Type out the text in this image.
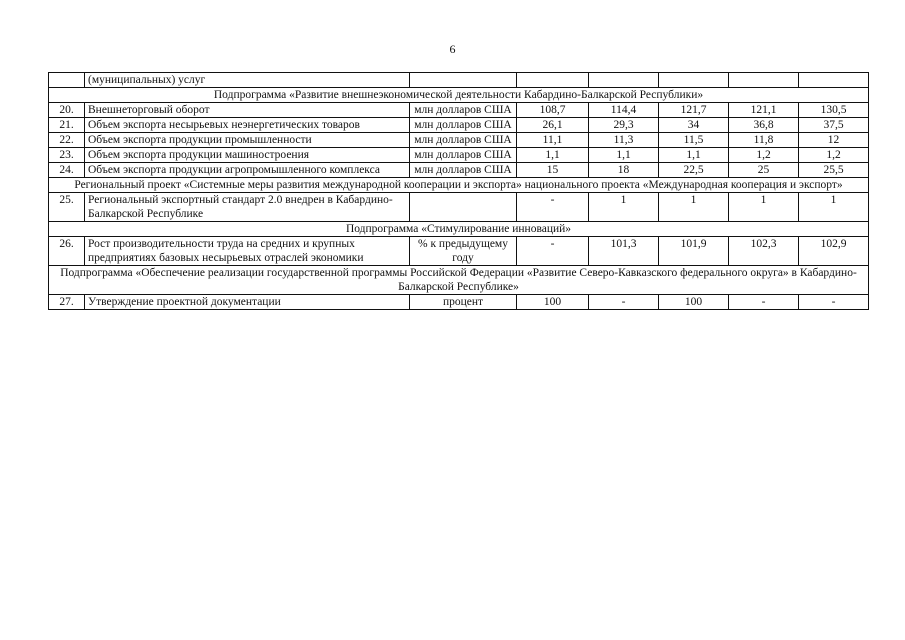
6
	(муниципальных) услуг						
Подпрограмма «Развитие внешнеэкономической деятельности Кабардино-Балкарской Республики»							
20.	Внешнеторговый оборот	млн долларов США	108,7	114,4	121,7	121,1	130,5
21.	Объем экспорта несырьевых неэнергетических товаров	млн долларов США	26,1	29,3	34	36,8	37,5
22.	Объем экспорта продукции промышленности	млн долларов США	11,1	11,3	11,5	11,8	12
23.	Объем экспорта продукции машиностроения	млн долларов США	1,1	1,1	1,1	1,2	1,2
24.	Объем экспорта продукции агропромышленного комплекса	млн долларов США	15	18	22,5	25	25,5
Региональный проект «Системные меры развития международной кооперации и экспорта» национального проекта «Международная кооперация и экспорт»							
25.	Региональный экспортный стандарт 2.0 внедрен в Кабардино-Балкарской Республике		-	1	1	1	1
Подпрограмма «Стимулирование инноваций»							
26.	Рост производительности труда на средних и крупных предприятиях базовых несырьевых отраслей экономики	% к предыдущему году	-	101,3	101,9	102,3	102,9
Подпрограмма «Обеспечение реализации государственной программы Российской Федерации «Развитие Северо-Кавказского федерального округа» в Кабардино-Балкарской Республике»							
27.	Утверждение проектной документации	процент	100	-	100	-	-
